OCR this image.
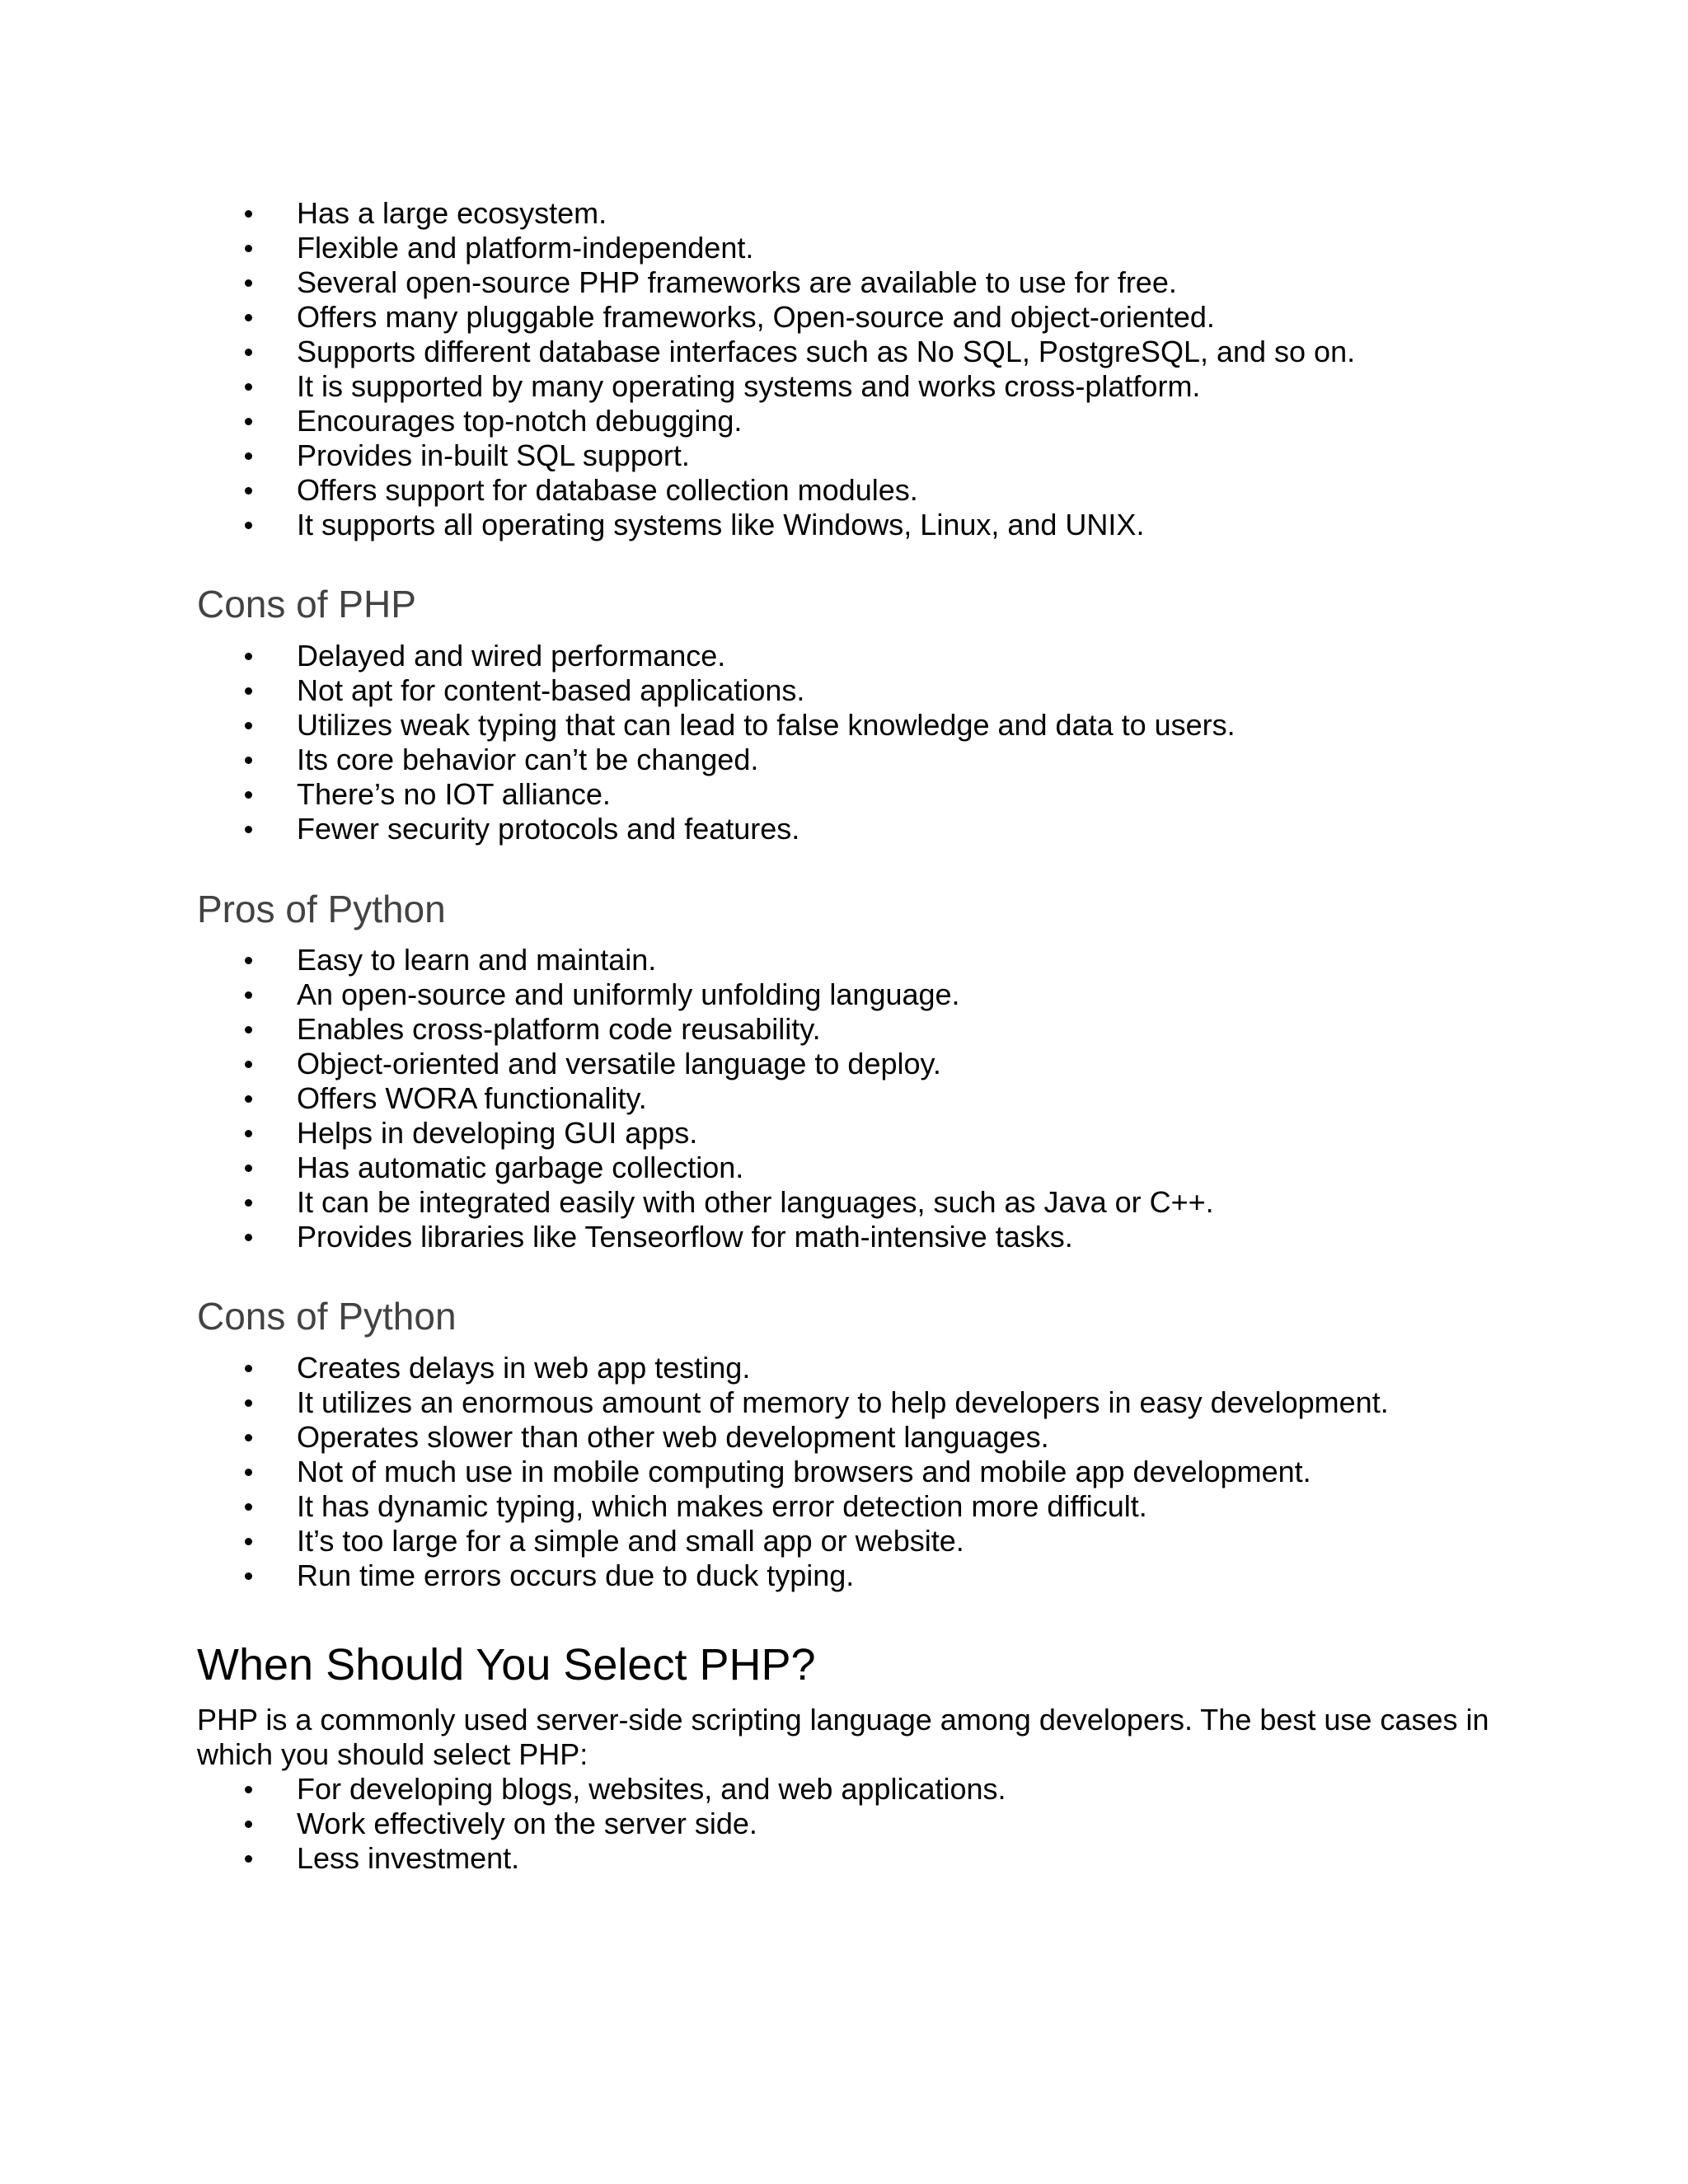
Has a large ecosystem.
Flexible and platform-independent.
Several open-source PHP frameworks are available to use for free.
Offers many pluggable frameworks, Open-source and object-oriented.
Supports different database interfaces such as No SQL, PostgreSQL, and so on.
It is supported by many operating systems and works cross-platform.
Encourages top-notch debugging.
Provides in-built SQL support.
Offers support for database collection modules.
It supports all operating systems like Windows, Linux, and UNIX.
Cons of PHP
Delayed and wired performance.
Not apt for content-based applications.
Utilizes weak typing that can lead to false knowledge and data to users.
Its core behavior can’t be changed.
There’s no IOT alliance.
Fewer security protocols and features.
Pros of Python
Easy to learn and maintain.
An open-source and uniformly unfolding language.
Enables cross-platform code reusability.
Object-oriented and versatile language to deploy.
Offers WORA functionality.
Helps in developing GUI apps.
Has automatic garbage collection.
It can be integrated easily with other languages, such as Java or C++.
Provides libraries like Tenseorflow for math-intensive tasks.
Cons of Python
Creates delays in web app testing.
It utilizes an enormous amount of memory to help developers in easy development.
Operates slower than other web development languages.
Not of much use in mobile computing browsers and mobile app development.
It has dynamic typing, which makes error detection more difficult.
It’s too large for a simple and small app or website.
Run time errors occurs due to duck typing.
When Should You Select PHP?

PHP is a commonly used server-side scripting language among developers. The best use cases in which you should select PHP:

For developing blogs, websites, and web applications.
Work effectively on the server side.
Less investment.
